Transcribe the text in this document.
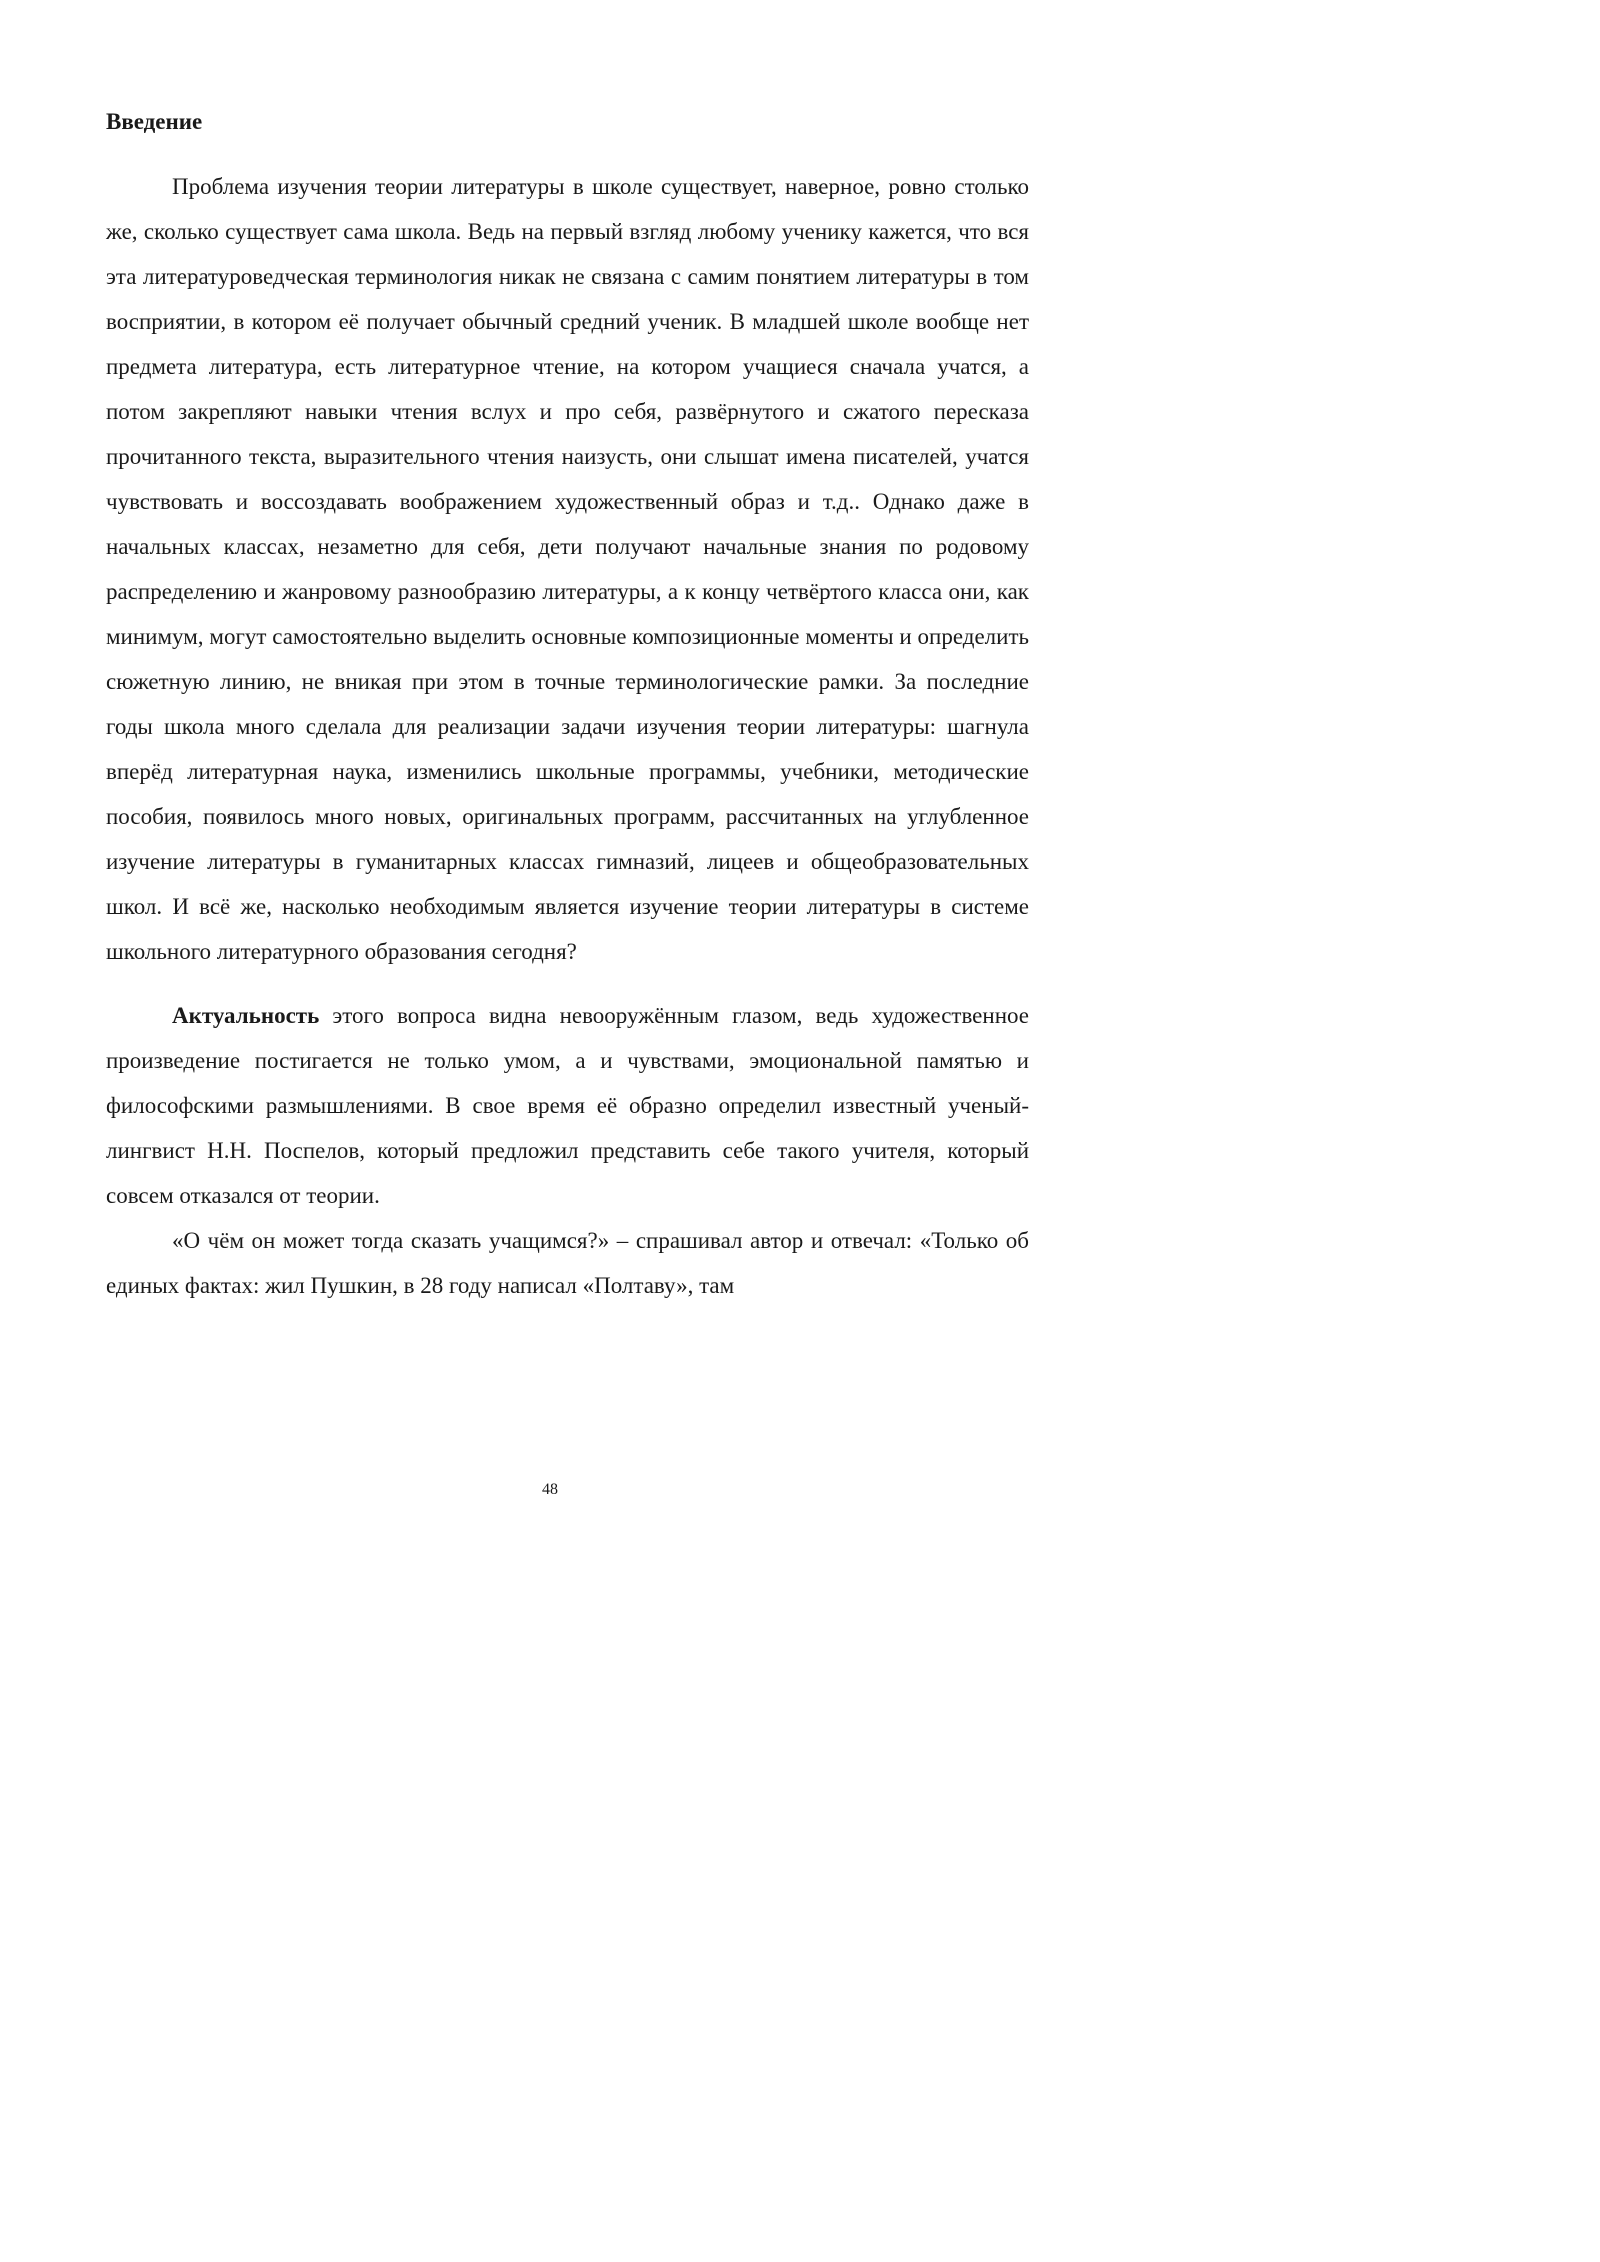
Введение

Проблема изучения теории литературы в школе существует, наверное, ровно столько же, сколько существует сама школа. Ведь на первый взгляд любому ученику кажется, что вся эта литературоведческая терминология никак не связана с самим понятием литературы в том восприятии, в котором её получает обычный средний ученик. В младшей школе вообще нет предмета литература, есть литературное чтение, на котором учащиеся сначала учатся, а потом закрепляют навыки чтения вслух и про себя, развёрнутого и сжатого пересказа прочитанного текста, выразительного чтения наизусть, они слышат имена писателей, учатся чувствовать и воссоздавать воображением художественный образ и т.д.. Однако даже в начальных классах, незаметно для себя, дети получают начальные знания по родовому распределению и жанровому разнообразию литературы, а к концу четвёртого класса они, как минимум, могут самостоятельно выделить основные композиционные моменты и определить сюжетную линию, не вникая при этом в точные терминологические рамки. За последние годы школа много сделала для реализации задачи изучения теории литературы: шагнула вперёд литературная наука, изменились школьные программы, учебники, методические пособия, появилось много новых, оригинальных программ, рассчитанных на углубленное изучение литературы в гуманитарных классах гимназий, лицеев и общеобразовательных школ. И всё же, насколько необходимым является изучение теории литературы в системе школьного литературного образования сегодня?

Актуальность этого вопроса видна невооружённым глазом, ведь художественное произведение постигается не только умом, а и чувствами, эмоциональной памятью и философскими размышлениями. В свое время её образно определил известный ученый-лингвист Н.Н. Поспелов, который предложил представить себе такого учителя, который совсем отказался от теории.

«О чём он может тогда сказать учащимся?» – спрашивал автор и отвечал: «Только об единых фактах: жил Пушкин, в 28 году написал «Полтаву», там

48
